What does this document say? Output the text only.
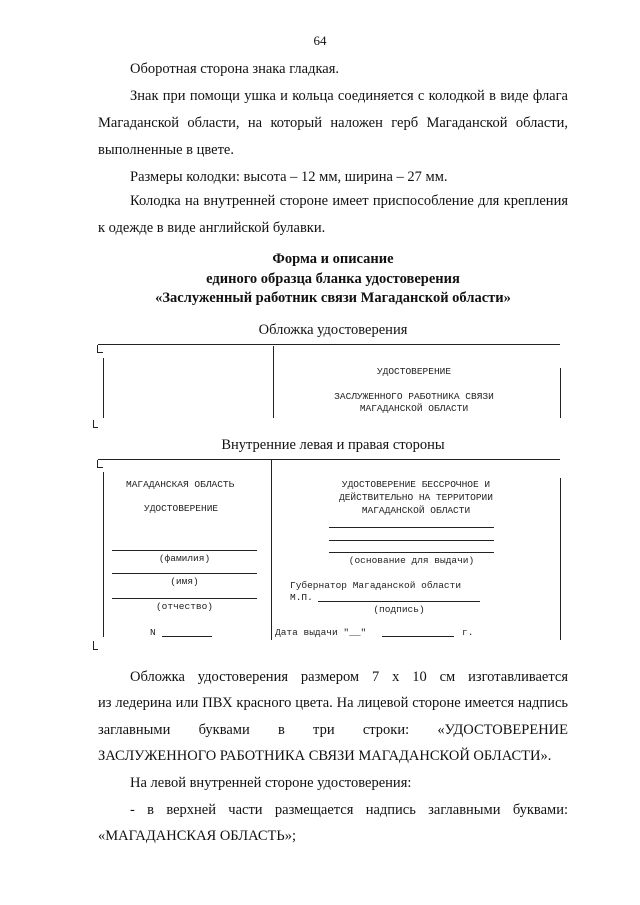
64

Оборотная сторона знака гладкая.

Знак при помощи ушка и кольца соединяется с колодкой в виде флага Магаданской области, на который наложен герб Магаданской области, выполненные в цвете.

Размеры колодки: высота – 12 мм, ширина – 27 мм.

Колодка на внутренней стороне имеет приспособление для крепления к одежде в виде английской булавки.

Форма и описание
единого образца бланка удостоверения
«Заслуженный работник связи Магаданской области»
Обложка удостоверения
УДОСТОВЕРЕНИЕ
ЗАСЛУЖЕННОГО РАБОТНИКА СВЯЗИ
МАГАДАНСКОЙ ОБЛАСТИ
Внутренние левая и правая стороны
МАГАДАНСКАЯ ОБЛАСТЬ
УДОСТОВЕРЕНИЕ
(фамилия)
(имя)
(отчество)
N
УДОСТОВЕРЕНИЕ БЕССРОЧНОЕ И
ДЕЙСТВИТЕЛЬНО НА ТЕРРИТОРИИ
МАГАДАНСКОЙ ОБЛАСТИ
(основание для выдачи)
Губернатор Магаданской области
М.П.
(подпись)
Дата выдачи "__"	г.
Обложка удостоверения размером 7 х 10 см изготавливается
из ледерина или ПВХ красного цвета. На лицевой стороне имеется надпись
заглавными буквами в три строки: «УДОСТОВЕРЕНИЕ
ЗАСЛУЖЕННОГО РАБОТНИКА СВЯЗИ МАГАДАНСКОЙ ОБЛАСТИ».
На левой внутренней стороне удостоверения:
- в верхней части размещается надпись заглавными буквами:
«МАГАДАНСКАЯ ОБЛАСТЬ»;
